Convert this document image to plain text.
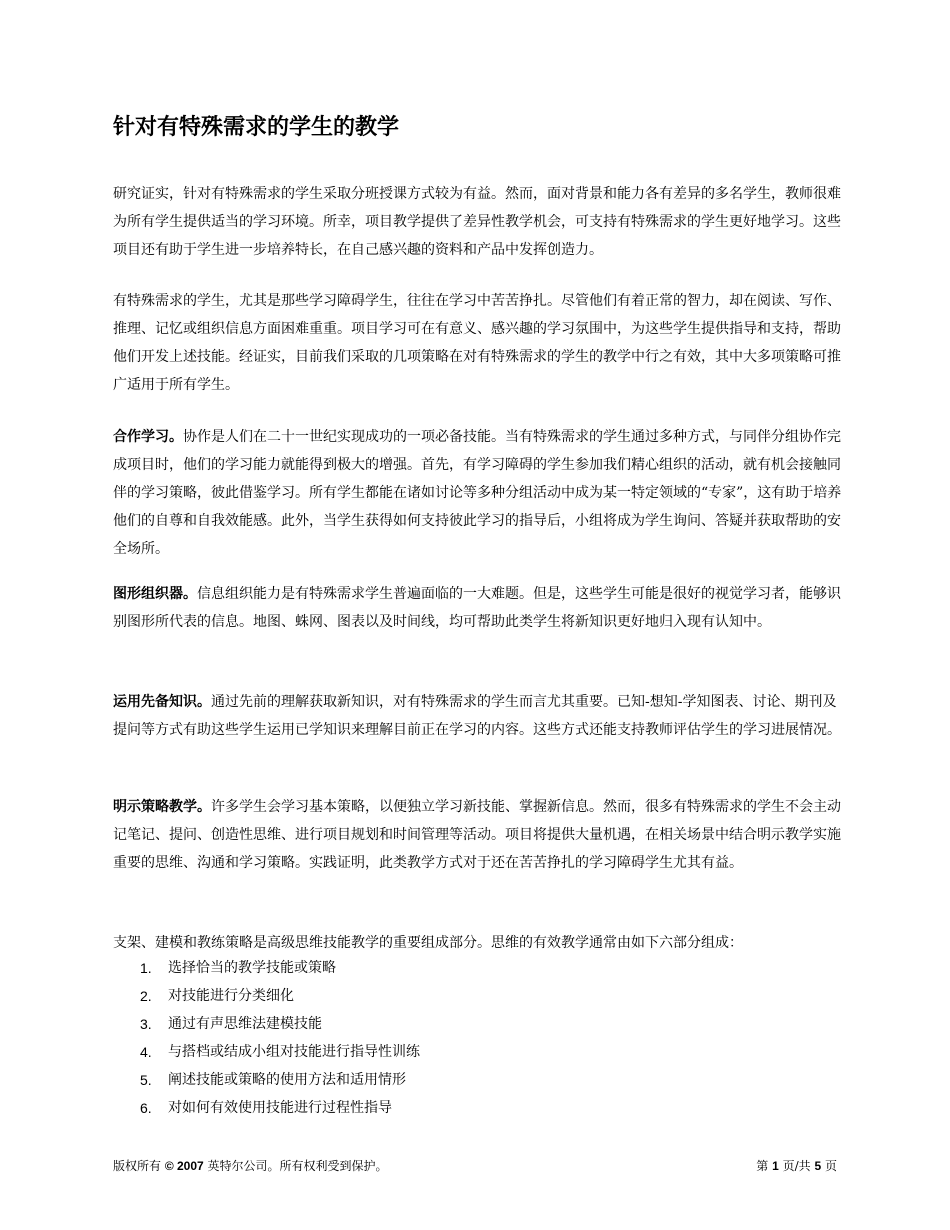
针对有特殊需求的学生的教学

研究证实，针对有特殊需求的学生采取分班授课方式较为有益。然而，面对背景和能力各有差异的多名学生，教师很难为所有学生提供适当的学习环境。所幸，项目教学提供了差异性教学机会，可支持有特殊需求的学生更好地学习。这些项目还有助于学生进一步培养特长，在自己感兴趣的资料和产品中发挥创造力。

有特殊需求的学生，尤其是那些学习障碍学生，往往在学习中苦苦挣扎。尽管他们有着正常的智力，却在阅读、写作、推理、记忆或组织信息方面困难重重。项目学习可在有意义、感兴趣的学习氛围中，为这些学生提供指导和支持，帮助他们开发上述技能。经证实，目前我们采取的几项策略在对有特殊需求的学生的教学中行之有效，其中大多项策略可推广适用于所有学生。

合作学习。协作是人们在二十一世纪实现成功的一项必备技能。当有特殊需求的学生通过多种方式，与同伴分组协作完成项目时，他们的学习能力就能得到极大的增强。首先，有学习障碍的学生参加我们精心组织的活动，就有机会接触同伴的学习策略，彼此借鉴学习。所有学生都能在诸如讨论等多种分组活动中成为某一特定领域的“专家”，这有助于培养他们的自尊和自我效能感。此外，当学生获得如何支持彼此学习的指导后，小组将成为学生询问、答疑并获取帮助的安全场所。

图形组织器。信息组织能力是有特殊需求学生普遍面临的一大难题。但是，这些学生可能是很好的视觉学习者，能够识别图形所代表的信息。地图、蛛网、图表以及时间线，均可帮助此类学生将新知识更好地归入现有认知中。

运用先备知识。通过先前的理解获取新知识，对有特殊需求的学生而言尤其重要。已知-想知-学知图表、讨论、期刊及提问等方式有助这些学生运用已学知识来理解目前正在学习的内容。这些方式还能支持教师评估学生的学习进展情况。

明示策略教学。许多学生会学习基本策略，以便独立学习新技能、掌握新信息。然而，很多有特殊需求的学生不会主动记笔记、提问、创造性思维、进行项目规划和时间管理等活动。项目将提供大量机遇，在相关场景中结合明示教学实施重要的思维、沟通和学习策略。实践证明，此类教学方式对于还在苦苦挣扎的学习障碍学生尤其有益。

支架、建模和教练策略是高级思维技能教学的重要组成部分。思维的有效教学通常由如下六部分组成：

1. 选择恰当的教学技能或策略
2. 对技能进行分类细化
3. 通过有声思维法建模技能
4. 与搭档或结成小组对技能进行指导性训练
5. 阐述技能或策略的使用方法和适用情形
6. 对如何有效使用技能进行过程性指导
版权所有 © 2007 英特尔公司。所有权利受到保护。	第 1 页/共 5 页
